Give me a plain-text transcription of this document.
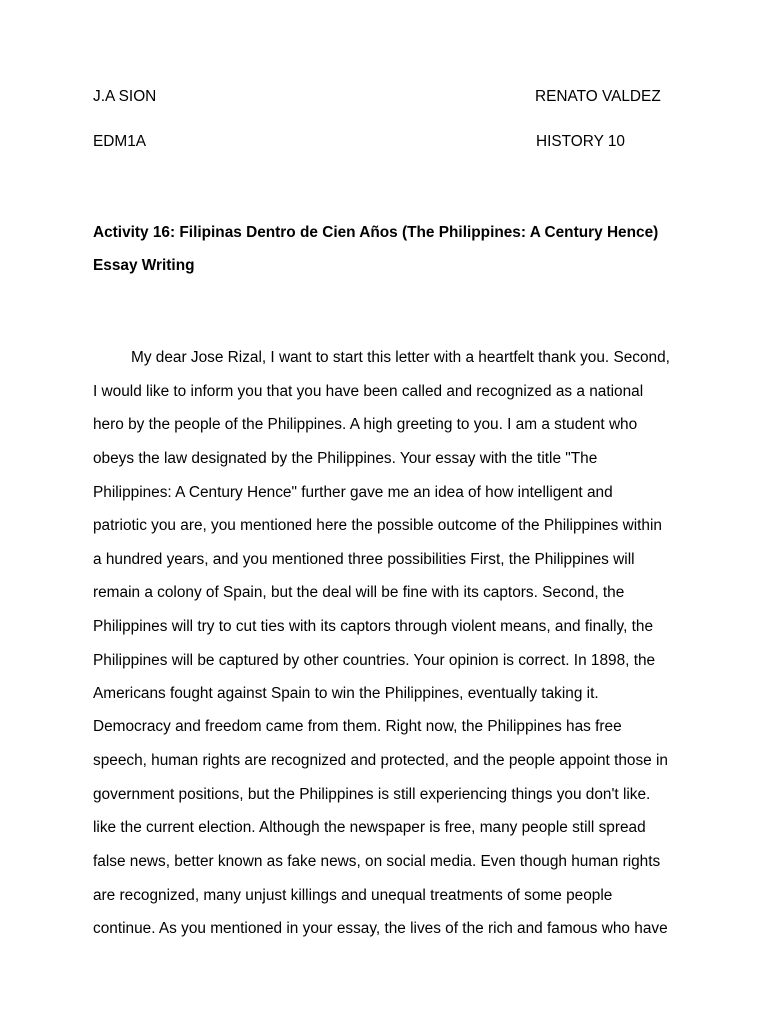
J.A SION	RENATO VALDEZ
EDM1A	HISTORY 10
Activity 16: Filipinas Dentro de Cien Años (The Philippines: A Century Hence)
Essay Writing
My dear Jose Rizal, I want to start this letter with a heartfelt thank you. Second,
I would like to inform you that you have been called and recognized as a national
hero by the people of the Philippines. A high greeting to you. I am a student who
obeys the law designated by the Philippines. Your essay with the title "The
Philippines: A Century Hence" further gave me an idea of how intelligent and
patriotic you are, you mentioned here the possible outcome of the Philippines within
a hundred years, and you mentioned three possibilities First, the Philippines will
remain a colony of Spain, but the deal will be fine with its captors. Second, the
Philippines will try to cut ties with its captors through violent means, and finally, the
Philippines will be captured by other countries. Your opinion is correct. In 1898, the
Americans fought against Spain to win the Philippines, eventually taking it.
Democracy and freedom came from them. Right now, the Philippines has free
speech, human rights are recognized and protected, and the people appoint those in
government positions, but the Philippines is still experiencing things you don't like.
like the current election. Although the newspaper is free, many people still spread
false news, better known as fake news, on social media. Even though human rights
are recognized, many unjust killings and unequal treatments of some people
continue. As you mentioned in your essay, the lives of the rich and famous who have
